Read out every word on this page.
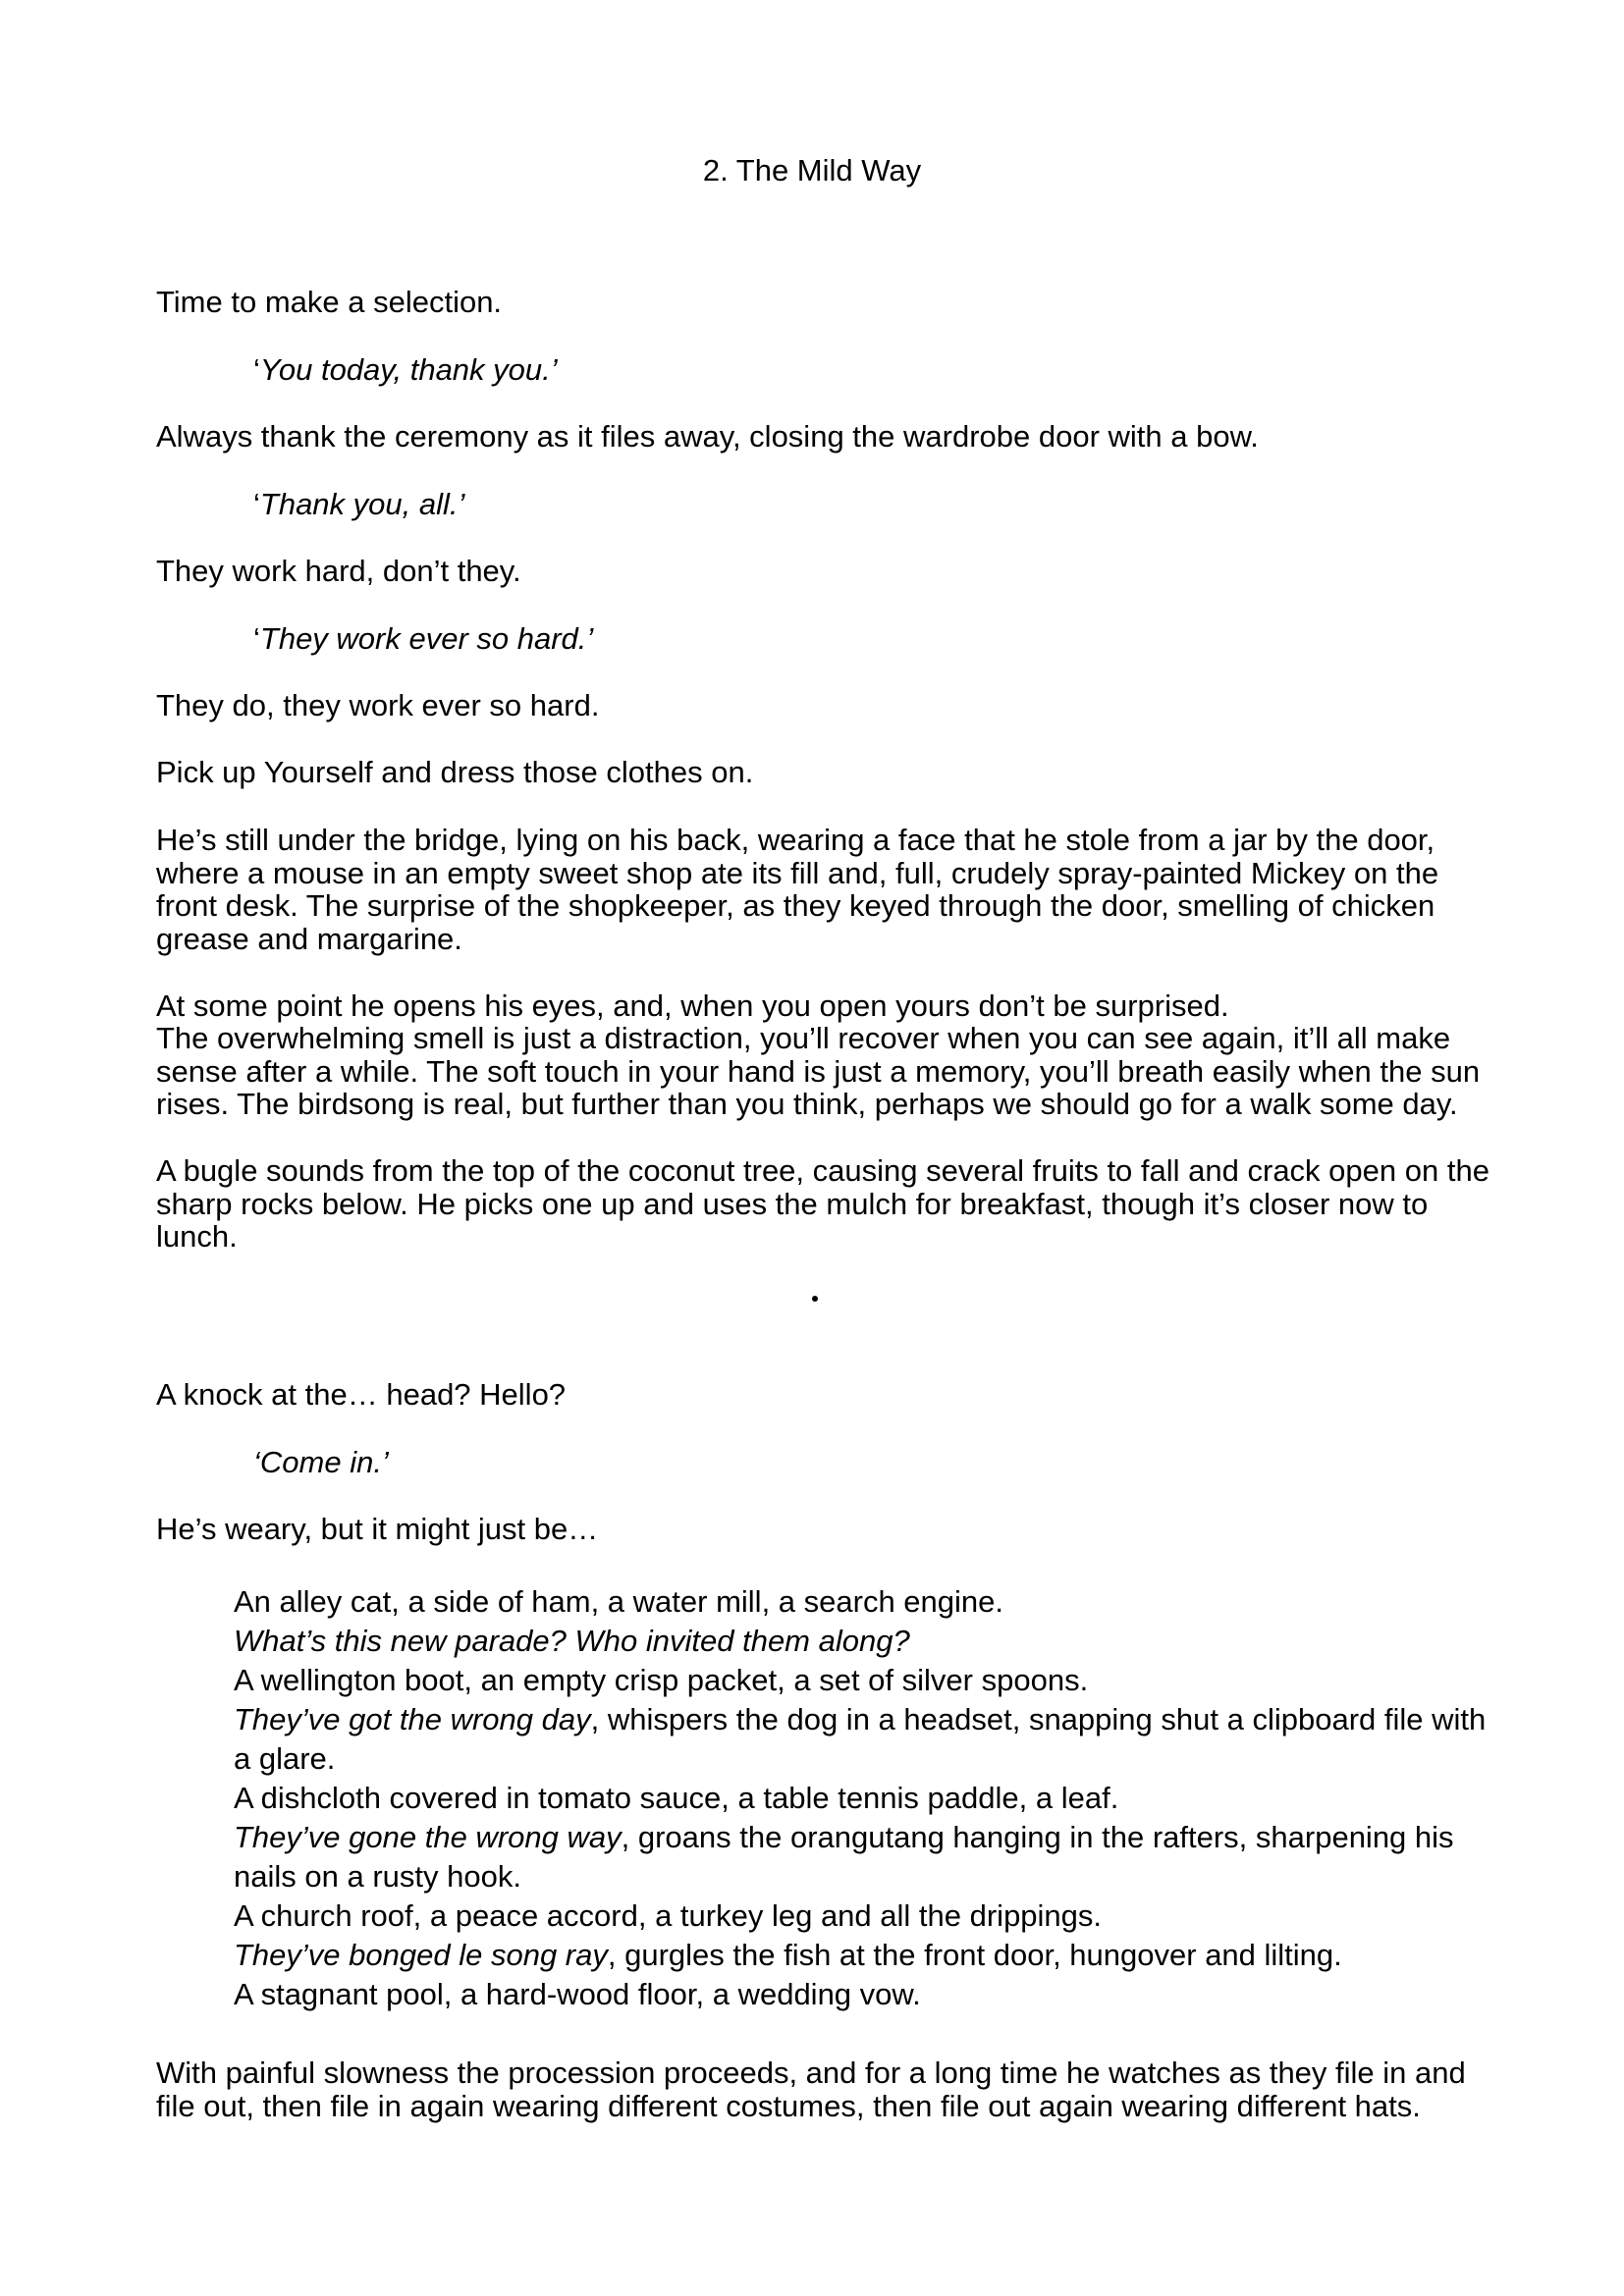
2. The Mild Way

Time to make a selection.

‘You today, thank you.’

Always thank the ceremony as it files away, closing the wardrobe door with a bow.

‘Thank you, all.’

They work hard, don’t they.

‘They work ever so hard.’

They do, they work ever so hard.

Pick up Yourself and dress those clothes on.

He’s still under the bridge, lying on his back, wearing a face that he stole from a jar by the door, where a mouse in an empty sweet shop ate its fill and, full, crudely spray-painted Mickey on the front desk. The surprise of the shopkeeper, as they keyed through the door, smelling of chicken grease and margarine.

At some point he opens his eyes, and, when you open yours don’t be surprised.

The overwhelming smell is just a distraction, you’ll recover when you can see again, it’ll all make sense after a while. The soft touch in your hand is just a memory, you’ll breath easily when the sun rises. The birdsong is real, but further than you think, perhaps we should go for a walk some day.

A bugle sounds from the top of the coconut tree, causing several fruits to fall and crack open on the sharp rocks below. He picks one up and uses the mulch for breakfast, though it’s closer now to lunch.

A knock at the… head? Hello?

‘Come in.’

He’s weary, but it might just be…

An alley cat, a side of ham, a water mill, a search engine.
What’s this new parade? Who invited them along?
A wellington boot, an empty crisp packet, a set of silver spoons.
They’ve got the wrong day, whispers the dog in a headset, snapping shut a clipboard file with a glare.
A dishcloth covered in tomato sauce, a table tennis paddle, a leaf.
They’ve gone the wrong way, groans the orangutang hanging in the rafters, sharpening his nails on a rusty hook.
A church roof, a peace accord, a turkey leg and all the drippings.
They’ve bonged le song ray, gurgles the fish at the front door, hungover and lilting.
A stagnant pool, a hard-wood floor, a wedding vow.

With painful slowness the procession proceeds, and for a long time he watches as they file in and file out, then file in again wearing different costumes, then file out again wearing different hats.
